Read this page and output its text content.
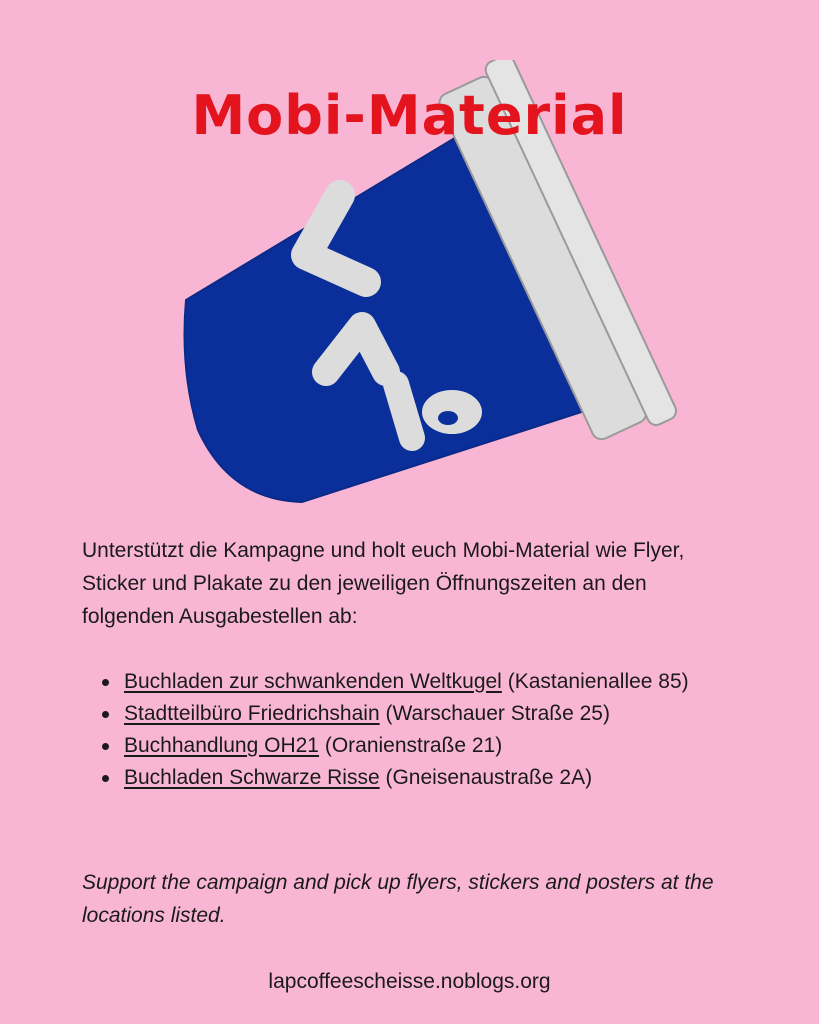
Mobi-Material

Unterstützt die Kampagne und holt euch Mobi-Material wie Flyer, Sticker und Plakate zu den jeweiligen Öffnungszeiten an den folgenden Ausgabestellen ab:

Buchladen zur schwankenden Weltkugel (Kastanienallee 85)
Stadtteilbüro Friedrichshain (Warschauer Straße 25)
Buchhandlung OH21 (Oranienstraße 21)
Buchladen Schwarze Risse (Gneisenaustraße 2A)

Support the campaign and pick up flyers, stickers and posters at the locations listed.

lapcoffeescheisse.noblogs.org
